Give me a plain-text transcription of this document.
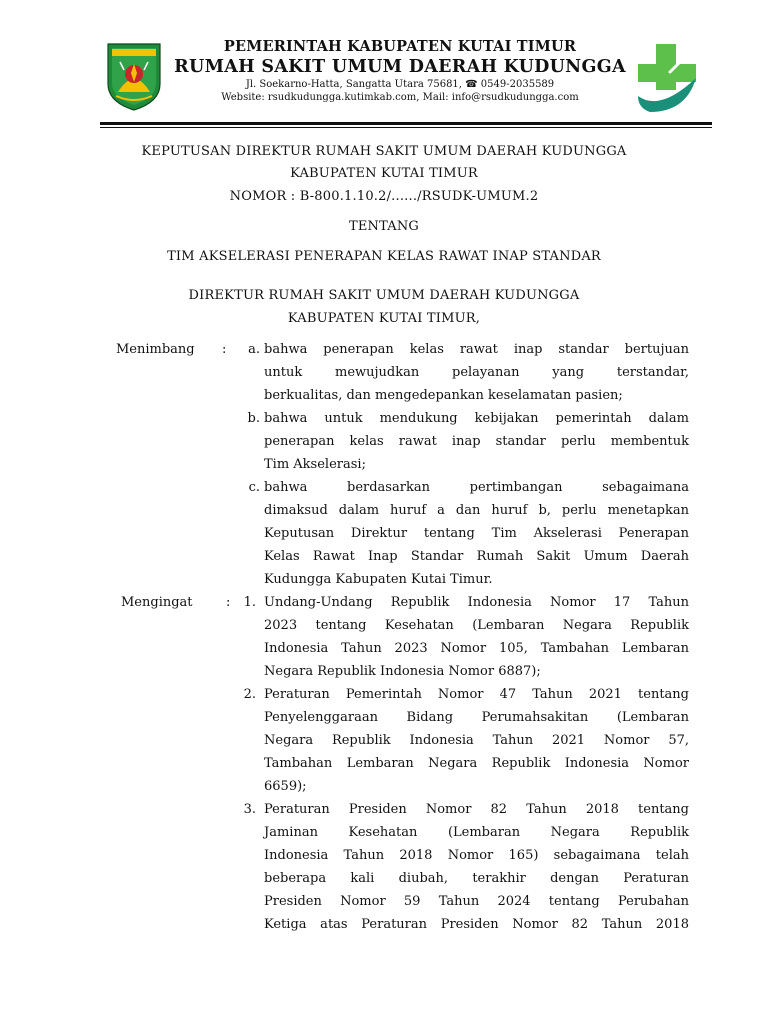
PEMERINTAH KABUPATEN KUTAI TIMUR
RUMAH SAKIT UMUM DAERAH KUDUNGGA
Jl. Soekarno-Hatta, Sangatta Utara 75681, ☎ 0549-2035589
Website: rsudkudungga.kutimkab.com, Mail: info@rsudkudungga.com
KEPUTUSAN DIREKTUR RUMAH SAKIT UMUM DAERAH KUDUNGGA
KABUPATEN KUTAI TIMUR
NOMOR : B-800.1.10.2/....../RSUDK-UMUM.2
TENTANG
TIM AKSELERASI PENERAPAN KELAS RAWAT INAP STANDAR
DIREKTUR RUMAH SAKIT UMUM DAERAH KUDUNGGA
KABUPATEN KUTAI TIMUR,
Menimbang :	a. bahwa penerapan kelas rawat inap standar bertujuan
untuk mewujudkan pelayanan yang terstandar,
berkualitas, dan mengedepankan keselamatan pasien;
b. bahwa untuk mendukung kebijakan pemerintah dalam
penerapan kelas rawat inap standar perlu membentuk
Tim Akselerasi;
c. bahwa berdasarkan pertimbangan sebagaimana
dimaksud dalam huruf a dan huruf b, perlu menetapkan
Keputusan Direktur tentang Tim Akselerasi Penerapan
Kelas Rawat Inap Standar Rumah Sakit Umum Daerah
Kudungga Kabupaten Kutai Timur.
Mengingat	:	1. Undang-Undang Republik Indonesia Nomor 17 Tahun
2023 tentang Kesehatan (Lembaran Negara Republik
Indonesia Tahun 2023 Nomor 105, Tambahan Lembaran
Negara Republik Indonesia Nomor 6887);
2. Peraturan Pemerintah Nomor 47 Tahun 2021 tentang
Penyelenggaraan Bidang Perumahsakitan (Lembaran
Negara Republik Indonesia Tahun 2021 Nomor 57,
Tambahan Lembaran Negara Republik Indonesia Nomor
6659);
3. Peraturan Presiden Nomor 82 Tahun 2018 tentang
Jaminan Kesehatan (Lembaran Negara Republik
Indonesia Tahun 2018 Nomor 165) sebagaimana telah
beberapa kali diubah, terakhir dengan Peraturan
Presiden Nomor 59 Tahun 2024 tentang Perubahan
Ketiga atas Peraturan Presiden Nomor 82 Tahun 2018
